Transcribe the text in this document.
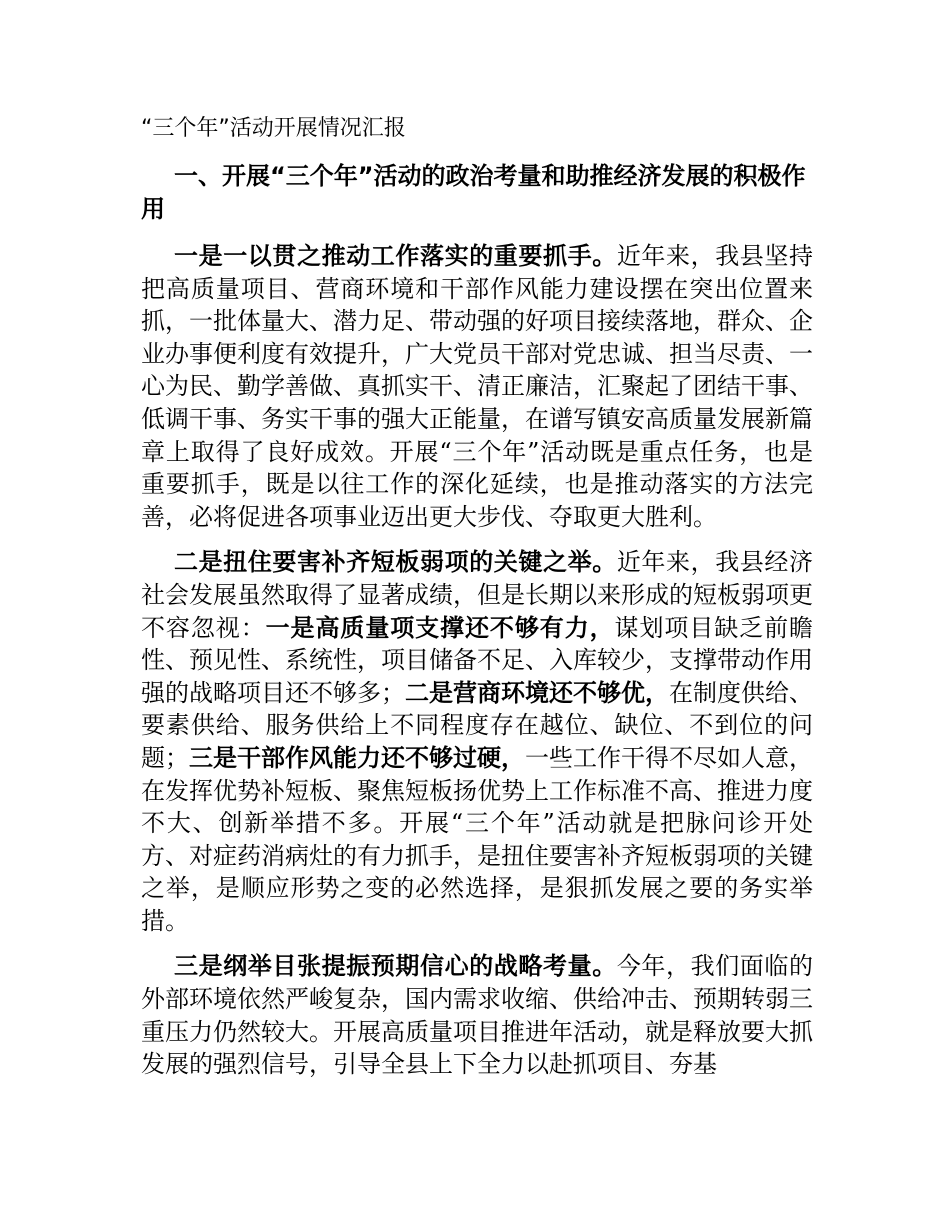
“三个年”活动开展情况汇报
一、开展“三个年”活动的政治考量和助推经济发展的积极作用

一是一以贯之推动工作落实的重要抓手。近年来，我县坚持把高质量项目、营商环境和干部作风能力建设摆在突出位置来抓，一批体量大、潜力足、带动强的好项目接续落地，群众、企业办事便利度有效提升，广大党员干部对党忠诚、担当尽责、一心为民、勤学善做、真抓实干、清正廉洁，汇聚起了团结干事、低调干事、务实干事的强大正能量，在谱写镇安高质量发展新篇章上取得了良好成效。开展“三个年”活动既是重点任务，也是重要抓手，既是以往工作的深化延续，也是推动落实的方法完善，必将促进各项事业迈出更大步伐、夺取更大胜利。

二是扭住要害补齐短板弱项的关键之举。近年来，我县经济社会发展虽然取得了显著成绩，但是长期以来形成的短板弱项更不容忽视：一是高质量项支撑还不够有力，谋划项目缺乏前瞻性、预见性、系统性，项目储备不足、入库较少，支撑带动作用强的战略项目还不够多；二是营商环境还不够优，在制度供给、要素供给、服务供给上不同程度存在越位、缺位、不到位的问题；三是干部作风能力还不够过硬，一些工作干得不尽如人意，在发挥优势补短板、聚焦短板扬优势上工作标准不高、推进力度不大、创新举措不多。开展“三个年”活动就是把脉问诊开处方、对症药消病灶的有力抓手，是扭住要害补齐短板弱项的关键之举，是顺应形势之变的必然选择，是狠抓发展之要的务实举措。

三是纲举目张提振预期信心的战略考量。今年，我们面临的外部环境依然严峻复杂，国内需求收缩、供给冲击、预期转弱三重压力仍然较大。开展高质量项目推进年活动，就是释放要大抓发展的强烈信号，引导全县上下全力以赴抓项目、夯基
